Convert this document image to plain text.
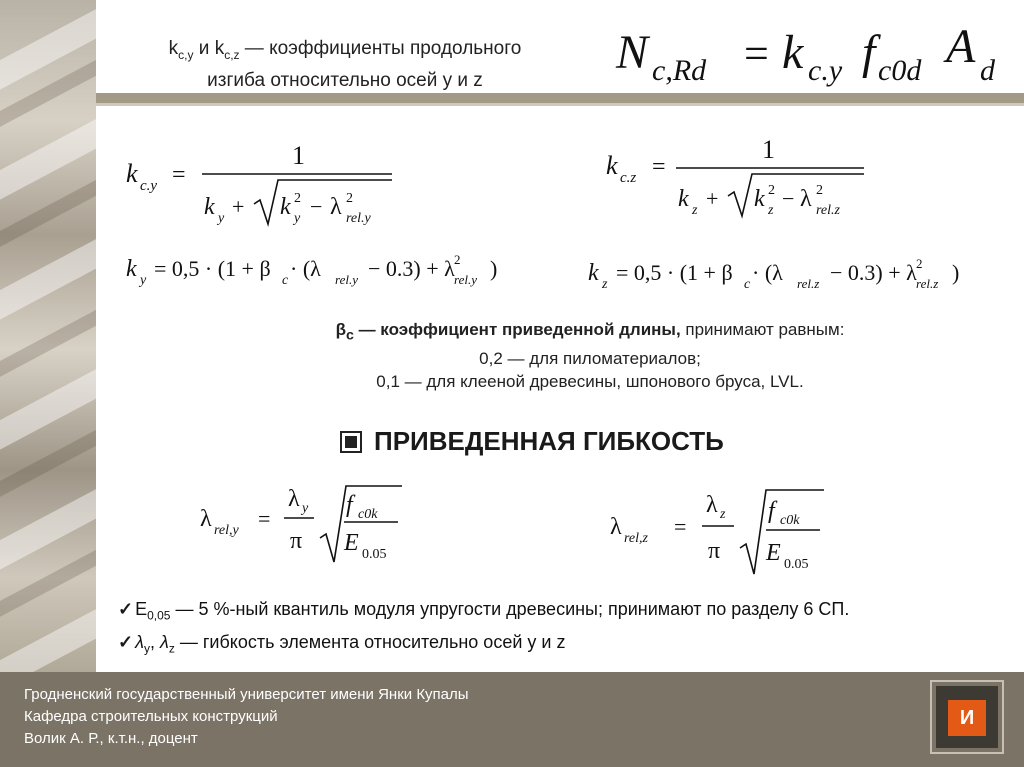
$k_{c,y}$ и $k_{c,z}$ — коэффициенты продольного
изгиба относительно осей y и z
N c,Rd = k c.y f c0d A d
k c.y =
1
k y + k 2
y − λ 2
rel.y
k c.z =
1
k z + k 2
z − λ 2
rel.z
k y = 0,5 · (1 + β c · (λ rel.y − 0.3) + λ 2
rel.y )	k z = 0,5 · (1 + β c · (λ rel.z − 0.3) + λ 2
rel.z )
$\beta_c$ — коэффициент приведенной длины, принимают равным:
0,2 — для пиломатериалов;
0,1 — для клееной древесины, шпонового бруса, LVL.
ПРИВЕДЕННАЯ ГИБКОСТЬ
λ rel,y =
λ y
π
f c0k
E 0.05
λ rel,z =
λ z
π
f c0k
E 0.05
✓ $E_{0,05}$ — 5 %-ный квантиль модуля упругости древесины; принимают по разделу 6 СП.
✓ $\lambda_y$, $\lambda_z$ — гибкость элемента относительно осей y и z
Гродненский государственный университет имени Янки Купалы
Кафедра строительных конструкций
Волик А. Р., к.т.н., доцент
И
